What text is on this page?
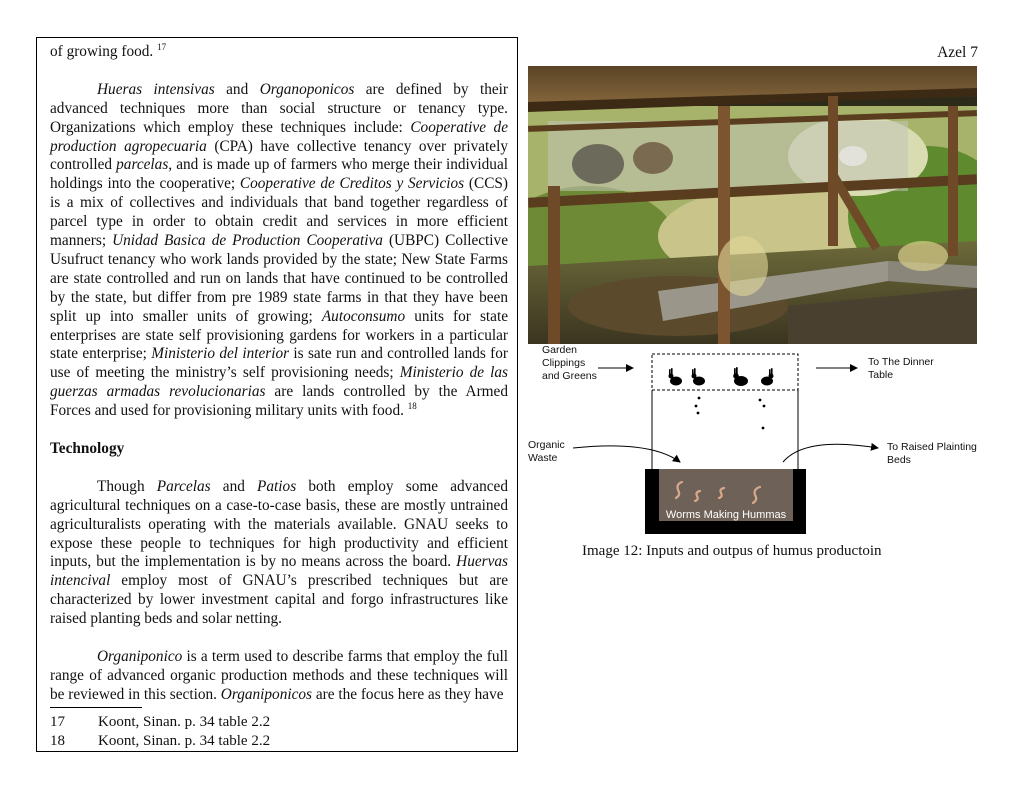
Azel 7

of growing food. $^{17}$

Hueras intensivas and Organoponicos are defined by their advanced techniques more than social structure or tenancy type. Organizations which employ these techniques include: Cooperative de production agropecuaria (CPA) have collective tenancy over privately controlled parcelas, and is made up of farmers who merge their individual holdings into the cooperative; Cooperative de Creditos y Servicios (CCS) is a mix of collectives and individuals that band together regardless of parcel type in order to obtain credit and services in more efficient manners; Unidad Basica de Production Cooperativa (UBPC) Collective Usufruct tenancy who work lands provided by the state; New State Farms are state controlled and run on lands that have continued to be controlled by the state, but differ from pre 1989 state farms in that they have been split up into smaller units of growing; Autoconsumo units for state enterprises are state self provisioning gardens for workers in a particular state enterprise; Ministerio del interior is sate run and controlled lands for use of meeting the ministry’s self provisioning needs; Ministerio de las guerzas armadas revolucionarias are lands controlled by the Armed Forces and used for provisioning military units with food. $^{18}$

Technology

Though Parcelas and Patios both employ some advanced agricultural techniques on a case-to-case basis, these are mostly untrained agriculturalists operating with the materials available. GNAU seeks to expose these people to techniques for high productivity and efficient inputs, but the implementation is by no means across the board. Huervas intencival employ most of GNAU’s prescribed techniques but are characterized by lower investment capital and forgo infrastructures like raised planting beds and solar netting.

Organiponico is a term used to describe farms that employ the full range of advanced organic production methods and these techniques will be reviewed in this section. Organiponicos are the focus here as they have

17 Koont, Sinan. p. 34 table 2.2
18 Koont, Sinan. p. 34 table 2.2
Garden
Clippings
and Greens
To The Dinner
Table
Organic
Waste
To Raised Plainting
Beds
Worms Making Hummas
Image 12: Inputs and outpus of humus productoin
